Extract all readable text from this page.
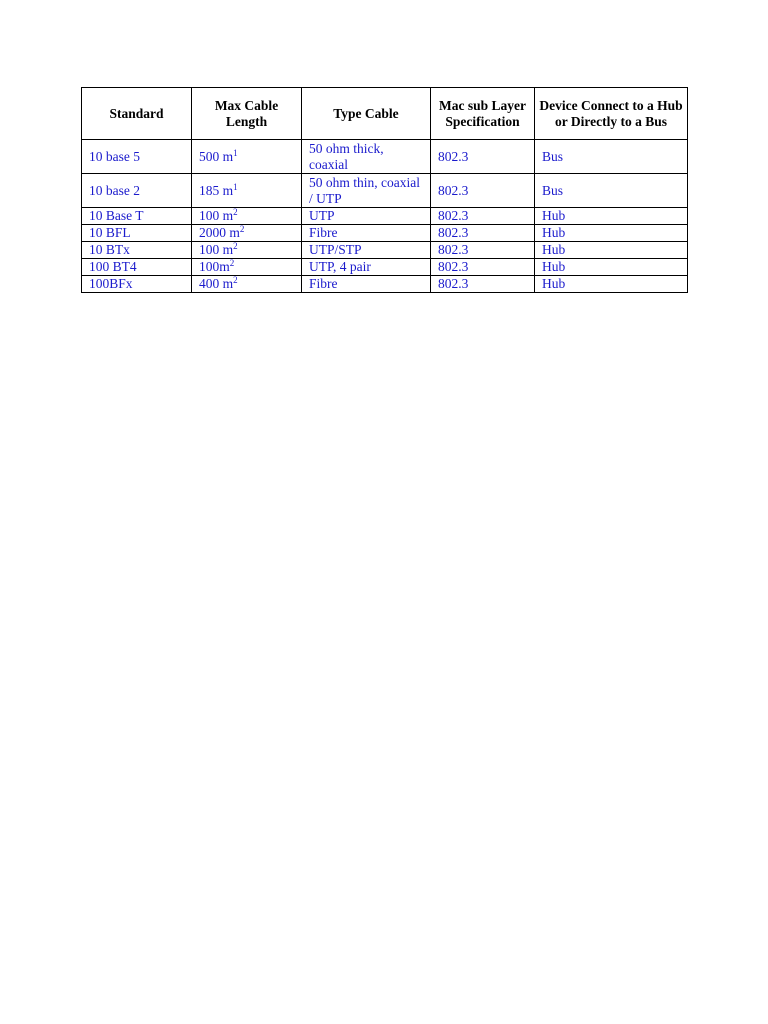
Standard	Max Cable Length	Type Cable	Mac sub Layer Specification	Device Connect to a Hub or Directly to a Bus
10 base 5	500 $m^1$	50 ohm thick, coaxial	802.3	Bus
10 base 2	185 $m^1$	50 ohm thin, coaxial / UTP	802.3	Bus
10 Base T	100 $m^2$	UTP	802.3	Hub
10 BFL	2000 $m^2$	Fibre	802.3	Hub
10 BTx	100 $m^2$	UTP/STP	802.3	Hub
100 BT4	$100m^2$	UTP, 4 pair	802.3	Hub
100BFx	400 $m^2$	Fibre	802.3	Hub
